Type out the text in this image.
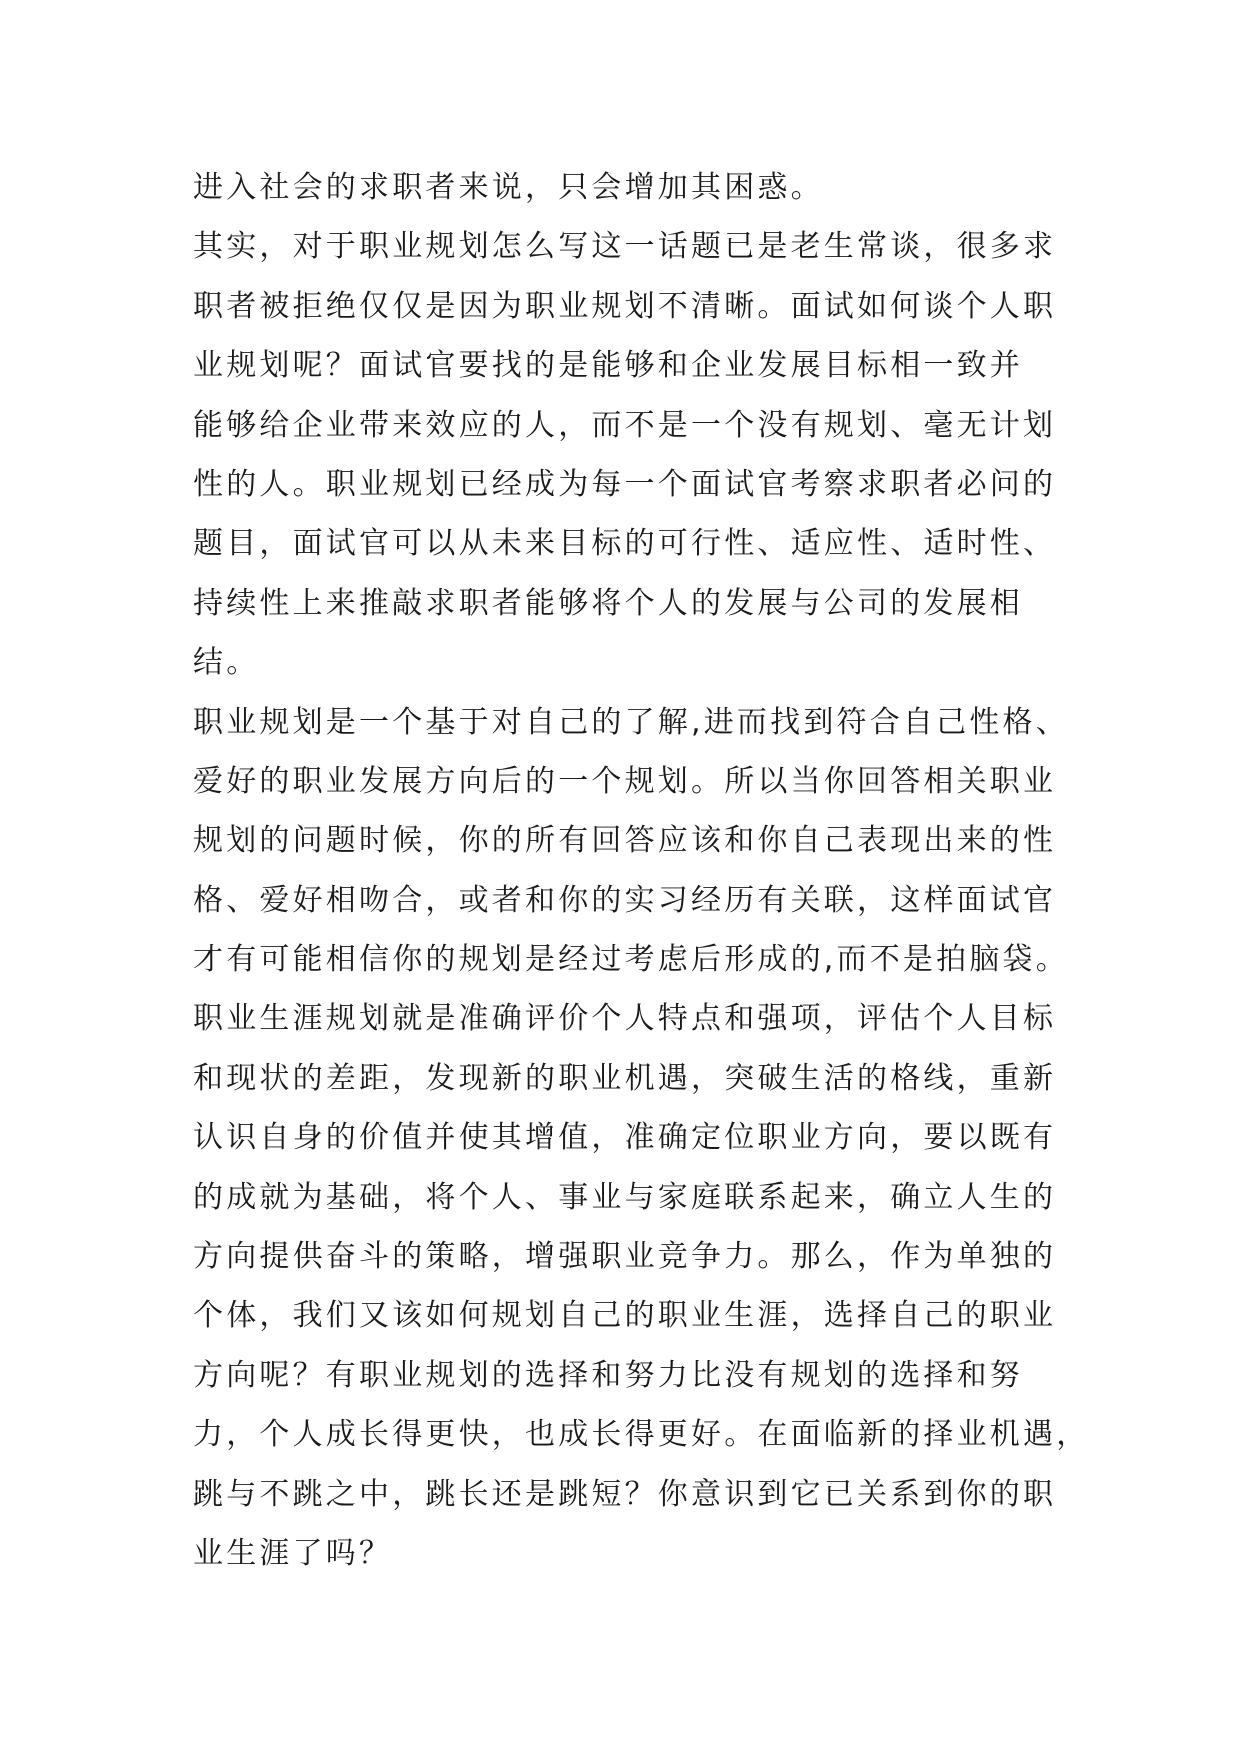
进入社会的求职者来说，只会增加其困惑。
其实，对于职业规划怎么写这一话题已是老生常谈，很多求
职者被拒绝仅仅是因为职业规划不清晰。面试如何谈个人职
业规划呢？面试官要找的是能够和企业发展目标相一致并
能够给企业带来效应的人，而不是一个没有规划、毫无计划
性的人。职业规划已经成为每一个面试官考察求职者必问的
题目，面试官可以从未来目标的可行性、适应性、适时性、
持续性上来推敲求职者能够将个人的发展与公司的发展相
结。
职业规划是一个基于对自己的了解,进而找到符合自己性格、
爱好的职业发展方向后的一个规划。所以当你回答相关职业
规划的问题时候，你的所有回答应该和你自己表现出来的性
格、爱好相吻合，或者和你的实习经历有关联，这样面试官
才有可能相信你的规划是经过考虑后形成的,而不是拍脑袋。
职业生涯规划就是准确评价个人特点和强项，评估个人目标
和现状的差距，发现新的职业机遇，突破生活的格线，重新
认识自身的价值并使其增值，准确定位职业方向，要以既有
的成就为基础，将个人、事业与家庭联系起来，确立人生的
方向提供奋斗的策略，增强职业竞争力。那么，作为单独的
个体，我们又该如何规划自己的职业生涯，选择自己的职业
方向呢？有职业规划的选择和努力比没有规划的选择和努
力，个人成长得更快，也成长得更好。在面临新的择业机遇，
跳与不跳之中，跳长还是跳短？你意识到它已关系到你的职
业生涯了吗？
